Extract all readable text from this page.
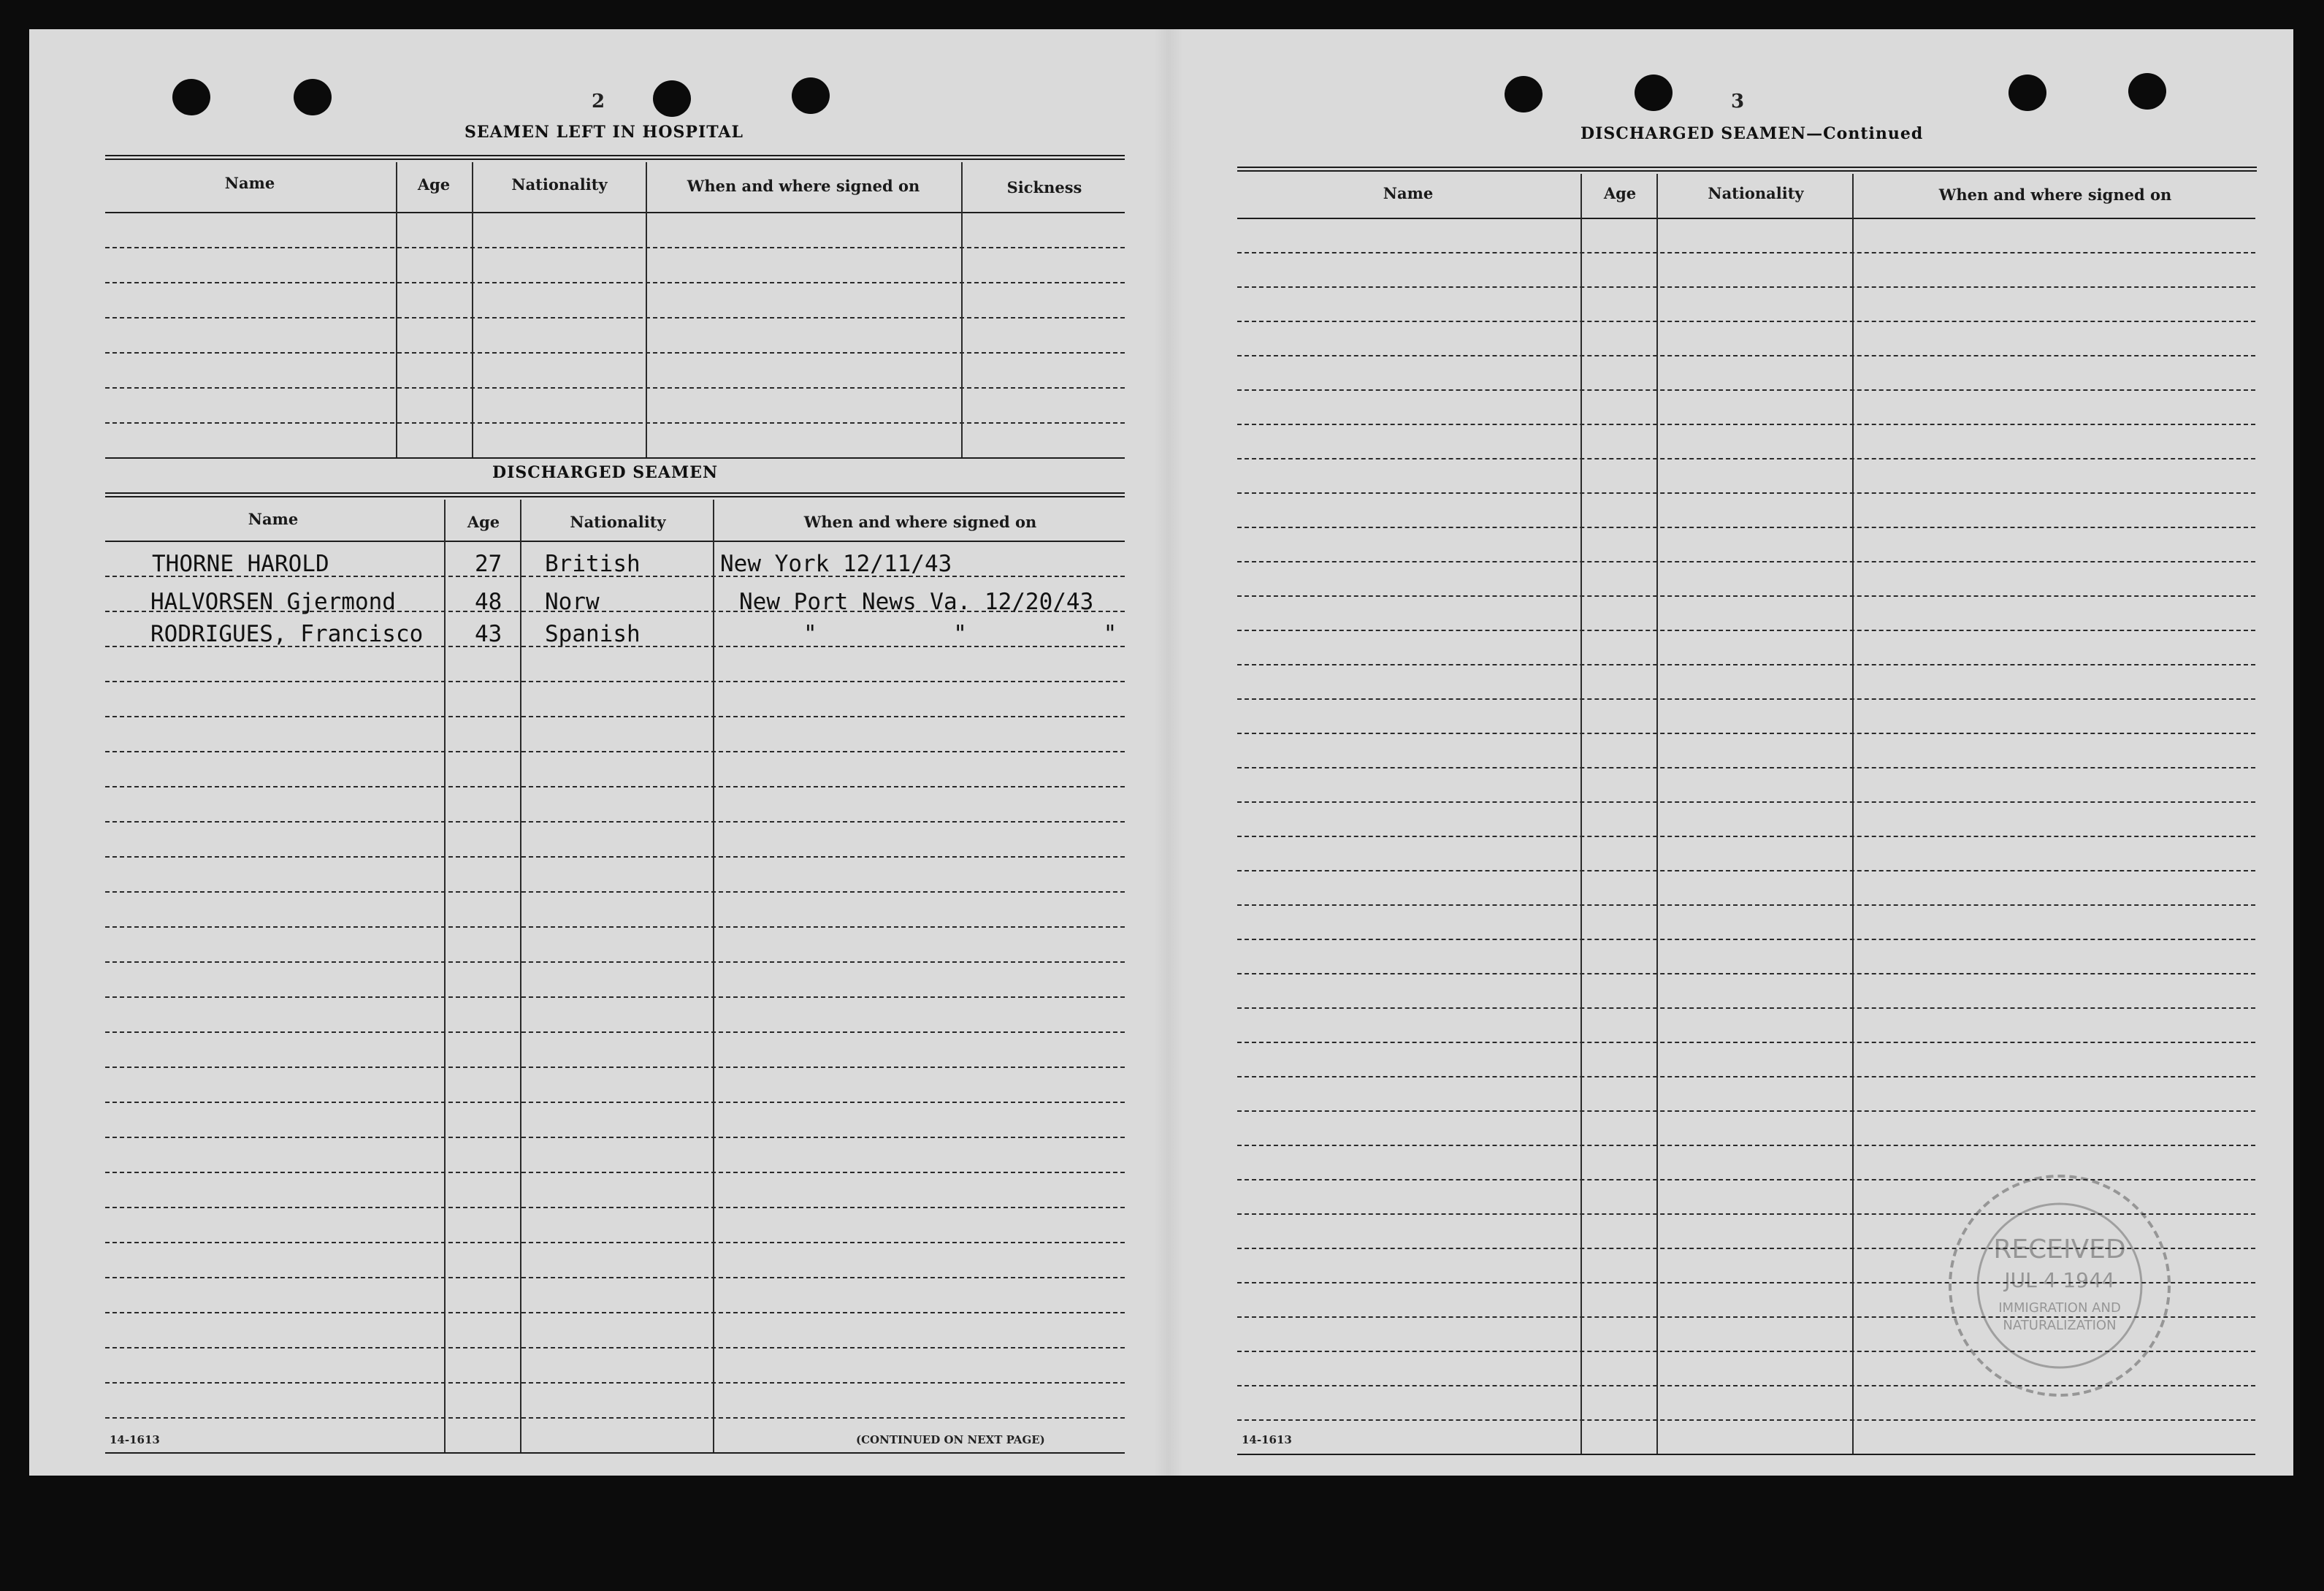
2
SEAMEN LEFT IN HOSPITAL
Name	Age	Nationality	When and where signed on	Sickness
DISCHARGED SEAMEN
Name	Age	Nationality	When and where signed on
THORNE HAROLD	27 British	New York 12/11/43
HALVORSEN Gjermond	48 Norw	New Port News Va. 12/20/43
RODRIGUES, Francisco 43 Spanish	"          "          "
14-1613	(CONTINUED ON NEXT PAGE)
3
DISCHARGED SEAMEN—Continued
Name	Age	Nationality	When and where signed on
14-1613
RECEIVED
JUL 4 1944
IMMIGRATION AND
NATURALIZATION
